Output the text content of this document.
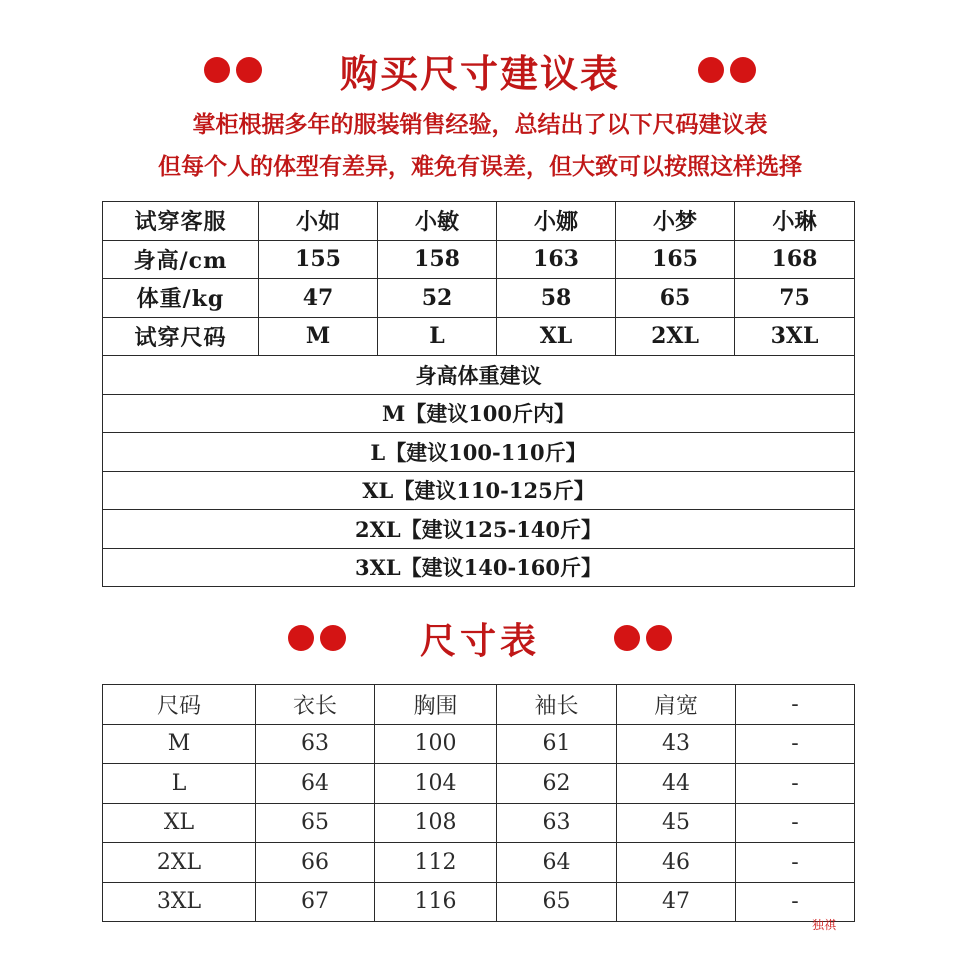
购买尺寸建议表
掌柜根据多年的服装销售经验，总结出了以下尺码建议表
但每个人的体型有差异，难免有误差，但大致可以按照这样选择
试穿客服	小如	小敏	小娜	小梦	小琳
身高/cm	155	158	163	165	168
体重/kg	47	52	58	65	75
试穿尺码	M	L	XL	2XL	3XL
身高体重建议					
M【建议100斤内】					
L【建议100-110斤】					
XL【建议110-125斤】					
2XL【建议125-140斤】					
3XL【建议140-160斤】					
尺寸表
尺码	衣长	胸围	袖长	肩宽	-
M	63	100	61	43	-
L	64	104	62	44	-
XL	65	108	63	45	-
2XL	66	112	64	46	-
3XL	67	116	65	47	-
独祺
